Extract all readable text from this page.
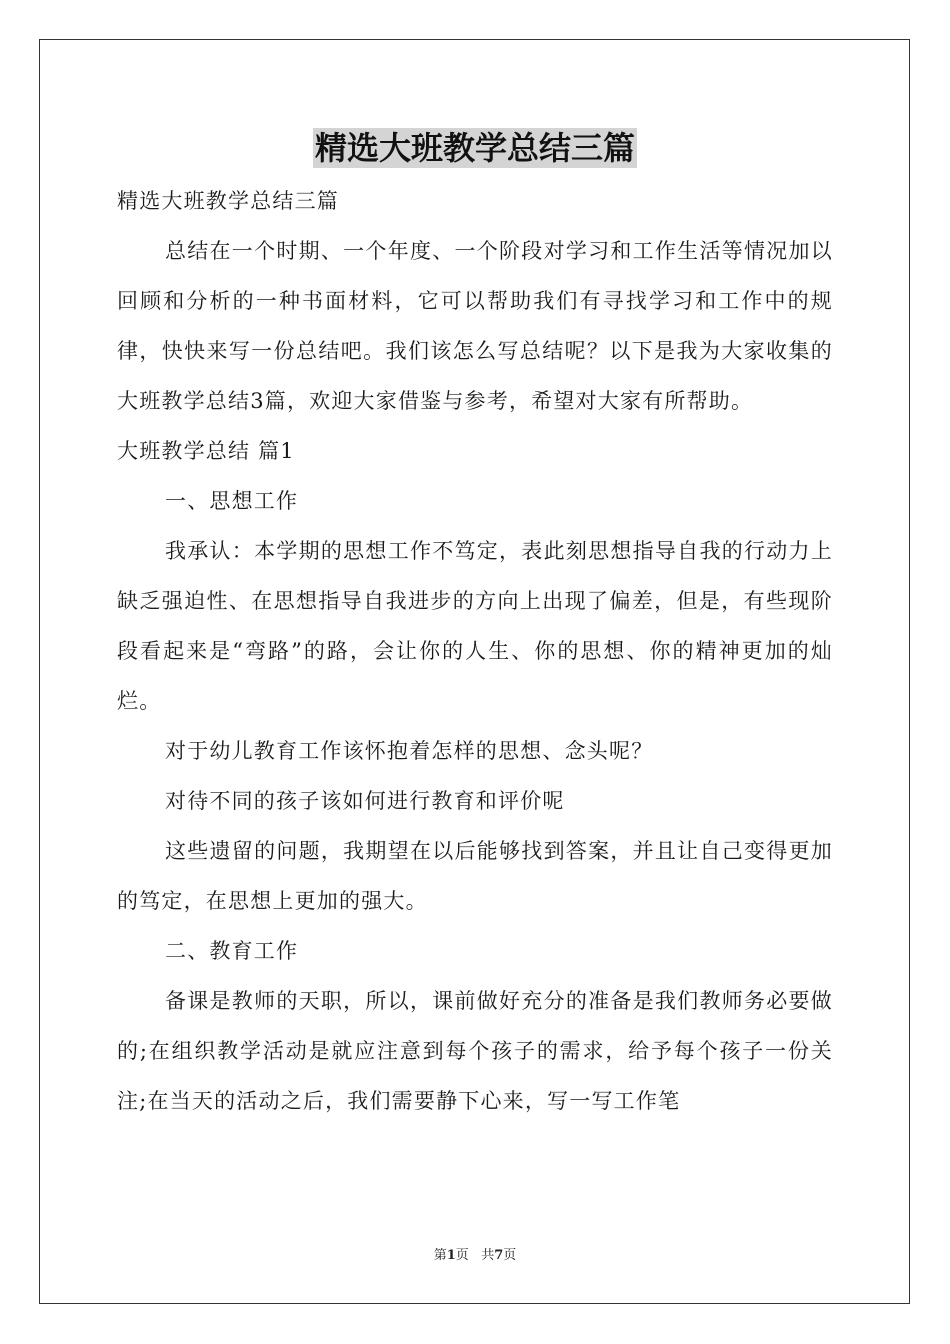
精选大班教学总结三篇

精选大班教学总结三篇

总结在一个时期、一个年度、一个阶段对学习和工作生活等情况加以回顾和分析的一种书面材料，它可以帮助我们有寻找学习和工作中的规律，快快来写一份总结吧。我们该怎么写总结呢？以下是我为大家收集的大班教学总结3篇，欢迎大家借鉴与参考，希望对大家有所帮助。

大班教学总结 篇1

一、思想工作

我承认：本学期的思想工作不笃定，表此刻思想指导自我的行动力上缺乏强迫性、在思想指导自我进步的方向上出现了偏差，但是，有些现阶段看起来是“弯路”的路，会让你的人生、你的思想、你的精神更加的灿烂。

对于幼儿教育工作该怀抱着怎样的思想、念头呢？

对待不同的孩子该如何进行教育和评价呢

这些遗留的问题，我期望在以后能够找到答案，并且让自己变得更加的笃定，在思想上更加的强大。

二、教育工作

备课是教师的天职，所以，课前做好充分的准备是我们教师务必要做的;在组织教学活动是就应注意到每个孩子的需求，给予每个孩子一份关注;在当天的活动之后，我们需要静下心来，写一写工作笔

第1页   共7页
